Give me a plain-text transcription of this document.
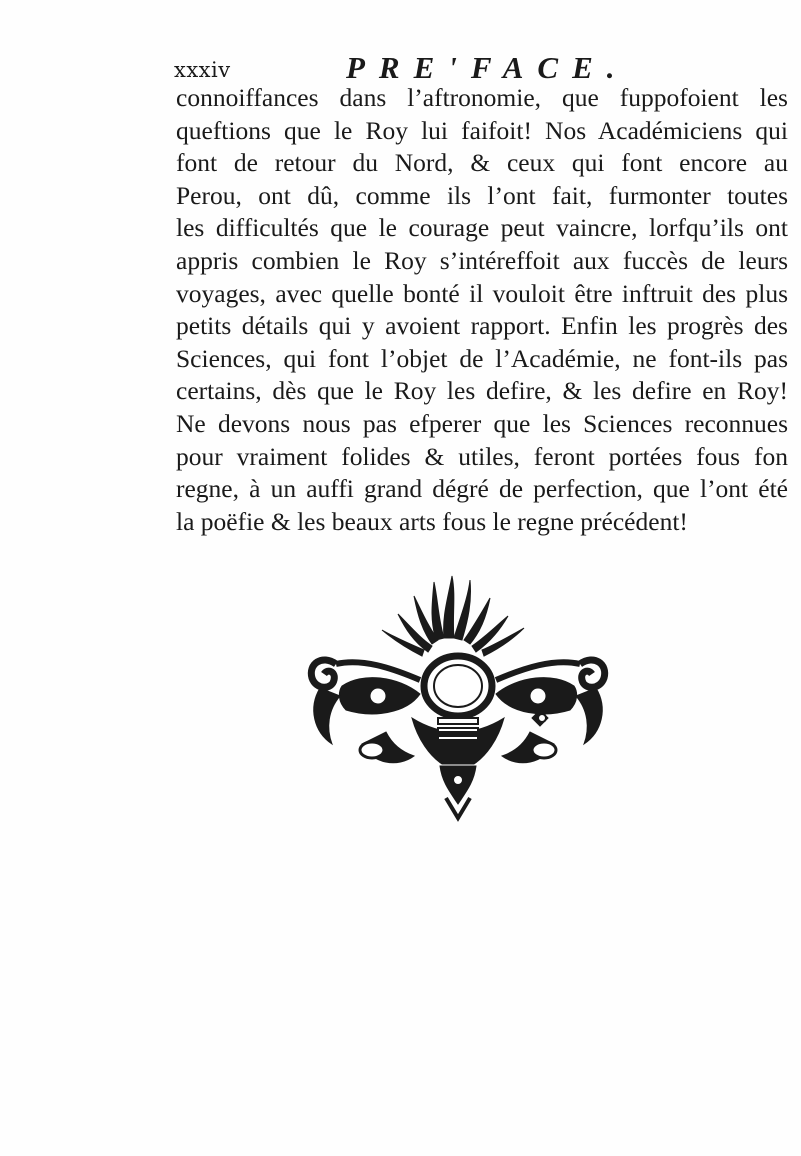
xxxiv	PRE'FACE.
connoiffances dans l’aftronomie, que fuppofoient les
queftions que le Roy lui faifoit! Nos Académiciens qui
font de retour du Nord, & ceux qui font encore au
Perou, ont dû, comme ils l’ont fait, furmonter toutes
les difficultés que le courage peut vaincre, lorfqu’ils ont
appris combien le Roy s’intéreffoit aux fuccès de leurs
voyages, avec quelle bonté il vouloit être inftruit des plus
petits détails qui y avoient rapport. Enfin les progrès des
Sciences, qui font l’objet de l’Académie, ne font-ils pas
certains, dès que le Roy les defire, & les defire en Roy!
Ne devons nous pas efperer que les Sciences reconnues
pour vraiment folides & utiles, feront portées fous fon
regne, à un auffi grand dégré de perfection, que l’ont été
la poëfie & les beaux arts fous le regne précédent!
